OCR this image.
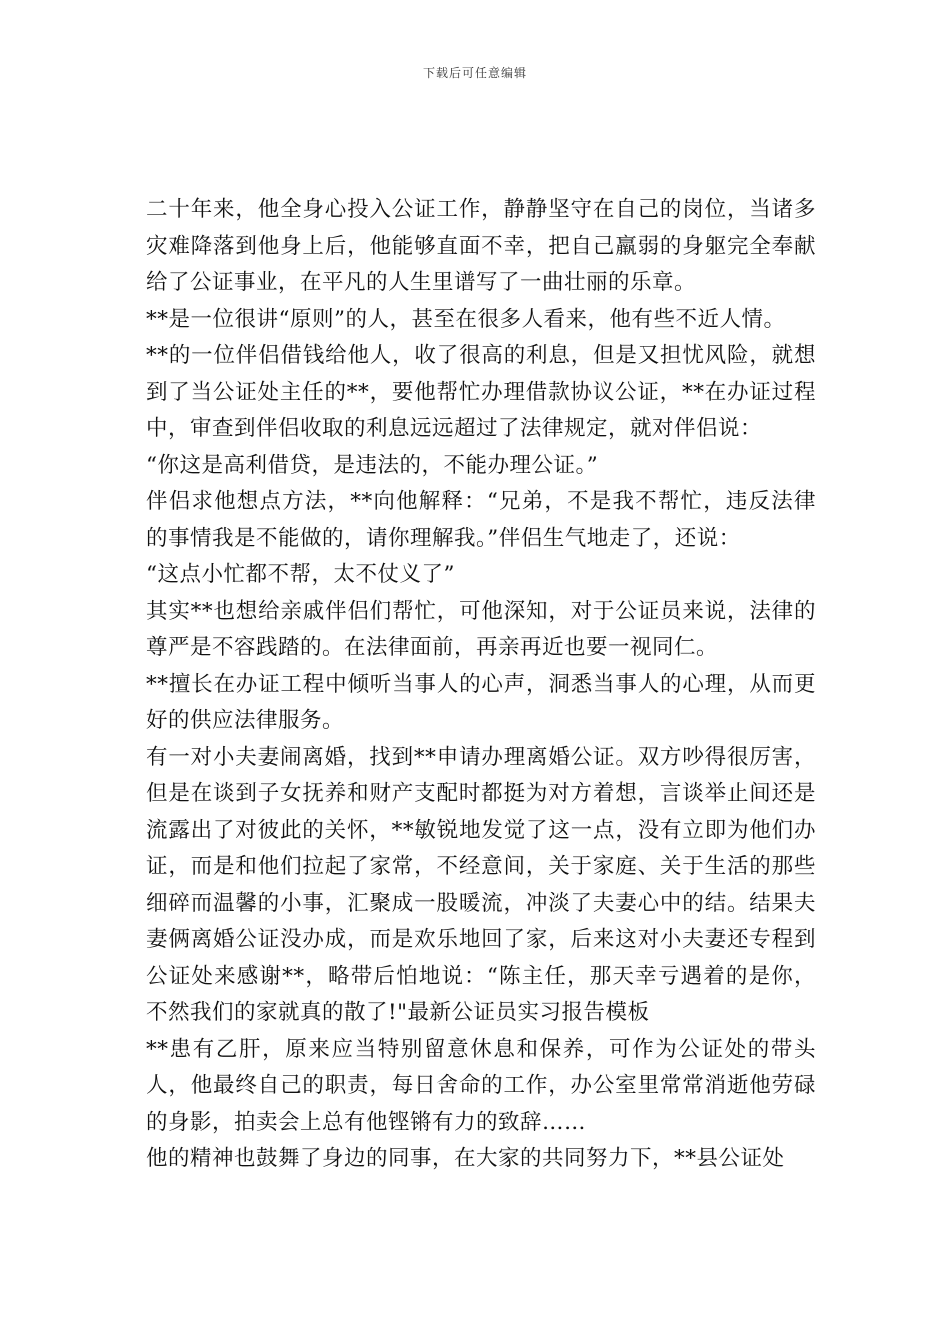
下载后可任意编辑

二十年来，他全身心投入公证工作，静静坚守在自己的岗位，当诸多灾难降落到他身上后，他能够直面不幸，把自己羸弱的身躯完全奉献给了公证事业，在平凡的人生里谱写了一曲壮丽的乐章。

**是一位很讲“原则”的人，甚至在很多人看来，他有些不近人情。

**的一位伴侣借钱给他人，收了很高的利息，但是又担忧风险，就想到了当公证处主任的**，要他帮忙办理借款协议公证，**在办证过程中，审查到伴侣收取的利息远远超过了法律规定，就对伴侣说：

“你这是高利借贷，是违法的，不能办理公证。”

伴侣求他想点方法，**向他解释：“兄弟，不是我不帮忙，违反法律的事情我是不能做的，请你理解我。”伴侣生气地走了，还说：

“这点小忙都不帮，太不仗义了”

其实**也想给亲戚伴侣们帮忙，可他深知，对于公证员来说，法律的尊严是不容践踏的。在法律面前，再亲再近也要一视同仁。

**擅长在办证工程中倾听当事人的心声，洞悉当事人的心理，从而更好的供应法律服务。

有一对小夫妻闹离婚，找到**申请办理离婚公证。双方吵得很厉害，但是在谈到子女抚养和财产支配时都挺为对方着想，言谈举止间还是流露出了对彼此的关怀，**敏锐地发觉了这一点，没有立即为他们办证，而是和他们拉起了家常，不经意间，关于家庭、关于生活的那些细碎而温馨的小事，汇聚成一股暖流，冲淡了夫妻心中的结。结果夫妻俩离婚公证没办成，而是欢乐地回了家，后来这对小夫妻还专程到公证处来感谢**，略带后怕地说：“陈主任，那天幸亏遇着的是你，不然我们的家就真的散了!"最新公证员实习报告模板

**患有乙肝，原来应当特别留意休息和保养，可作为公证处的带头人，他最终自己的职责，每日舍命的工作，办公室里常常消逝他劳碌的身影，拍卖会上总有他铿锵有力的致辞……

他的精神也鼓舞了身边的同事，在大家的共同努力下，**县公证处
